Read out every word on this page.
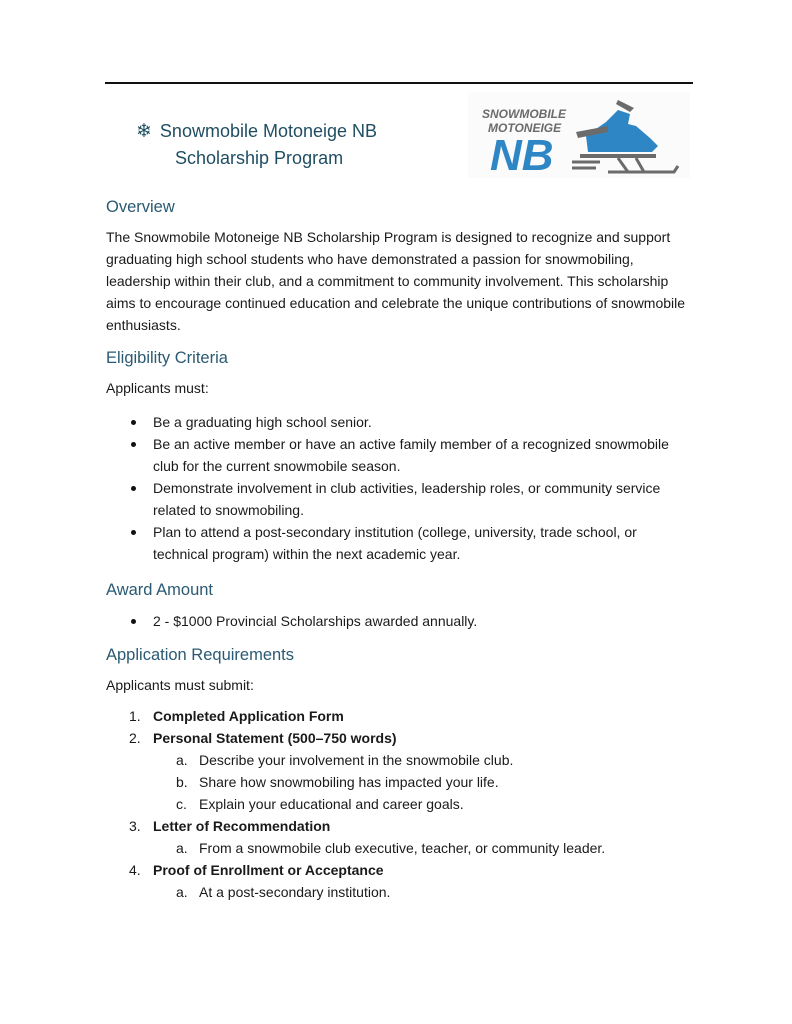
❄ Snowmobile Motoneige NB
Scholarship Program
SNOWMOBILE
MOTONEIGE
NB
Overview
The Snowmobile Motoneige NB Scholarship Program is designed to recognize and support graduating high school students who have demonstrated a passion for snowmobiling, leadership within their club, and a commitment to community involvement. This scholarship aims to encourage continued education and celebrate the unique contributions of snowmobile enthusiasts.
Eligibility Criteria
Applicants must:
Be a graduating high school senior.
Be an active member or have an active family member of a recognized snowmobile club for the current snowmobile season.
Demonstrate involvement in club activities, leadership roles, or community service related to snowmobiling.
Plan to attend a post-secondary institution (college, university, trade school, or technical program) within the next academic year.
Award Amount
2 - $1000 Provincial Scholarships awarded annually.
Application Requirements
Applicants must submit:
1. Completed Application Form
2. Personal Statement (500–750 words)
a. Describe your involvement in the snowmobile club.
b. Share how snowmobiling has impacted your life.
c. Explain your educational and career goals.
3. Letter of Recommendation
a. From a snowmobile club executive, teacher, or community leader.
4. Proof of Enrollment or Acceptance
a. At a post-secondary institution.
